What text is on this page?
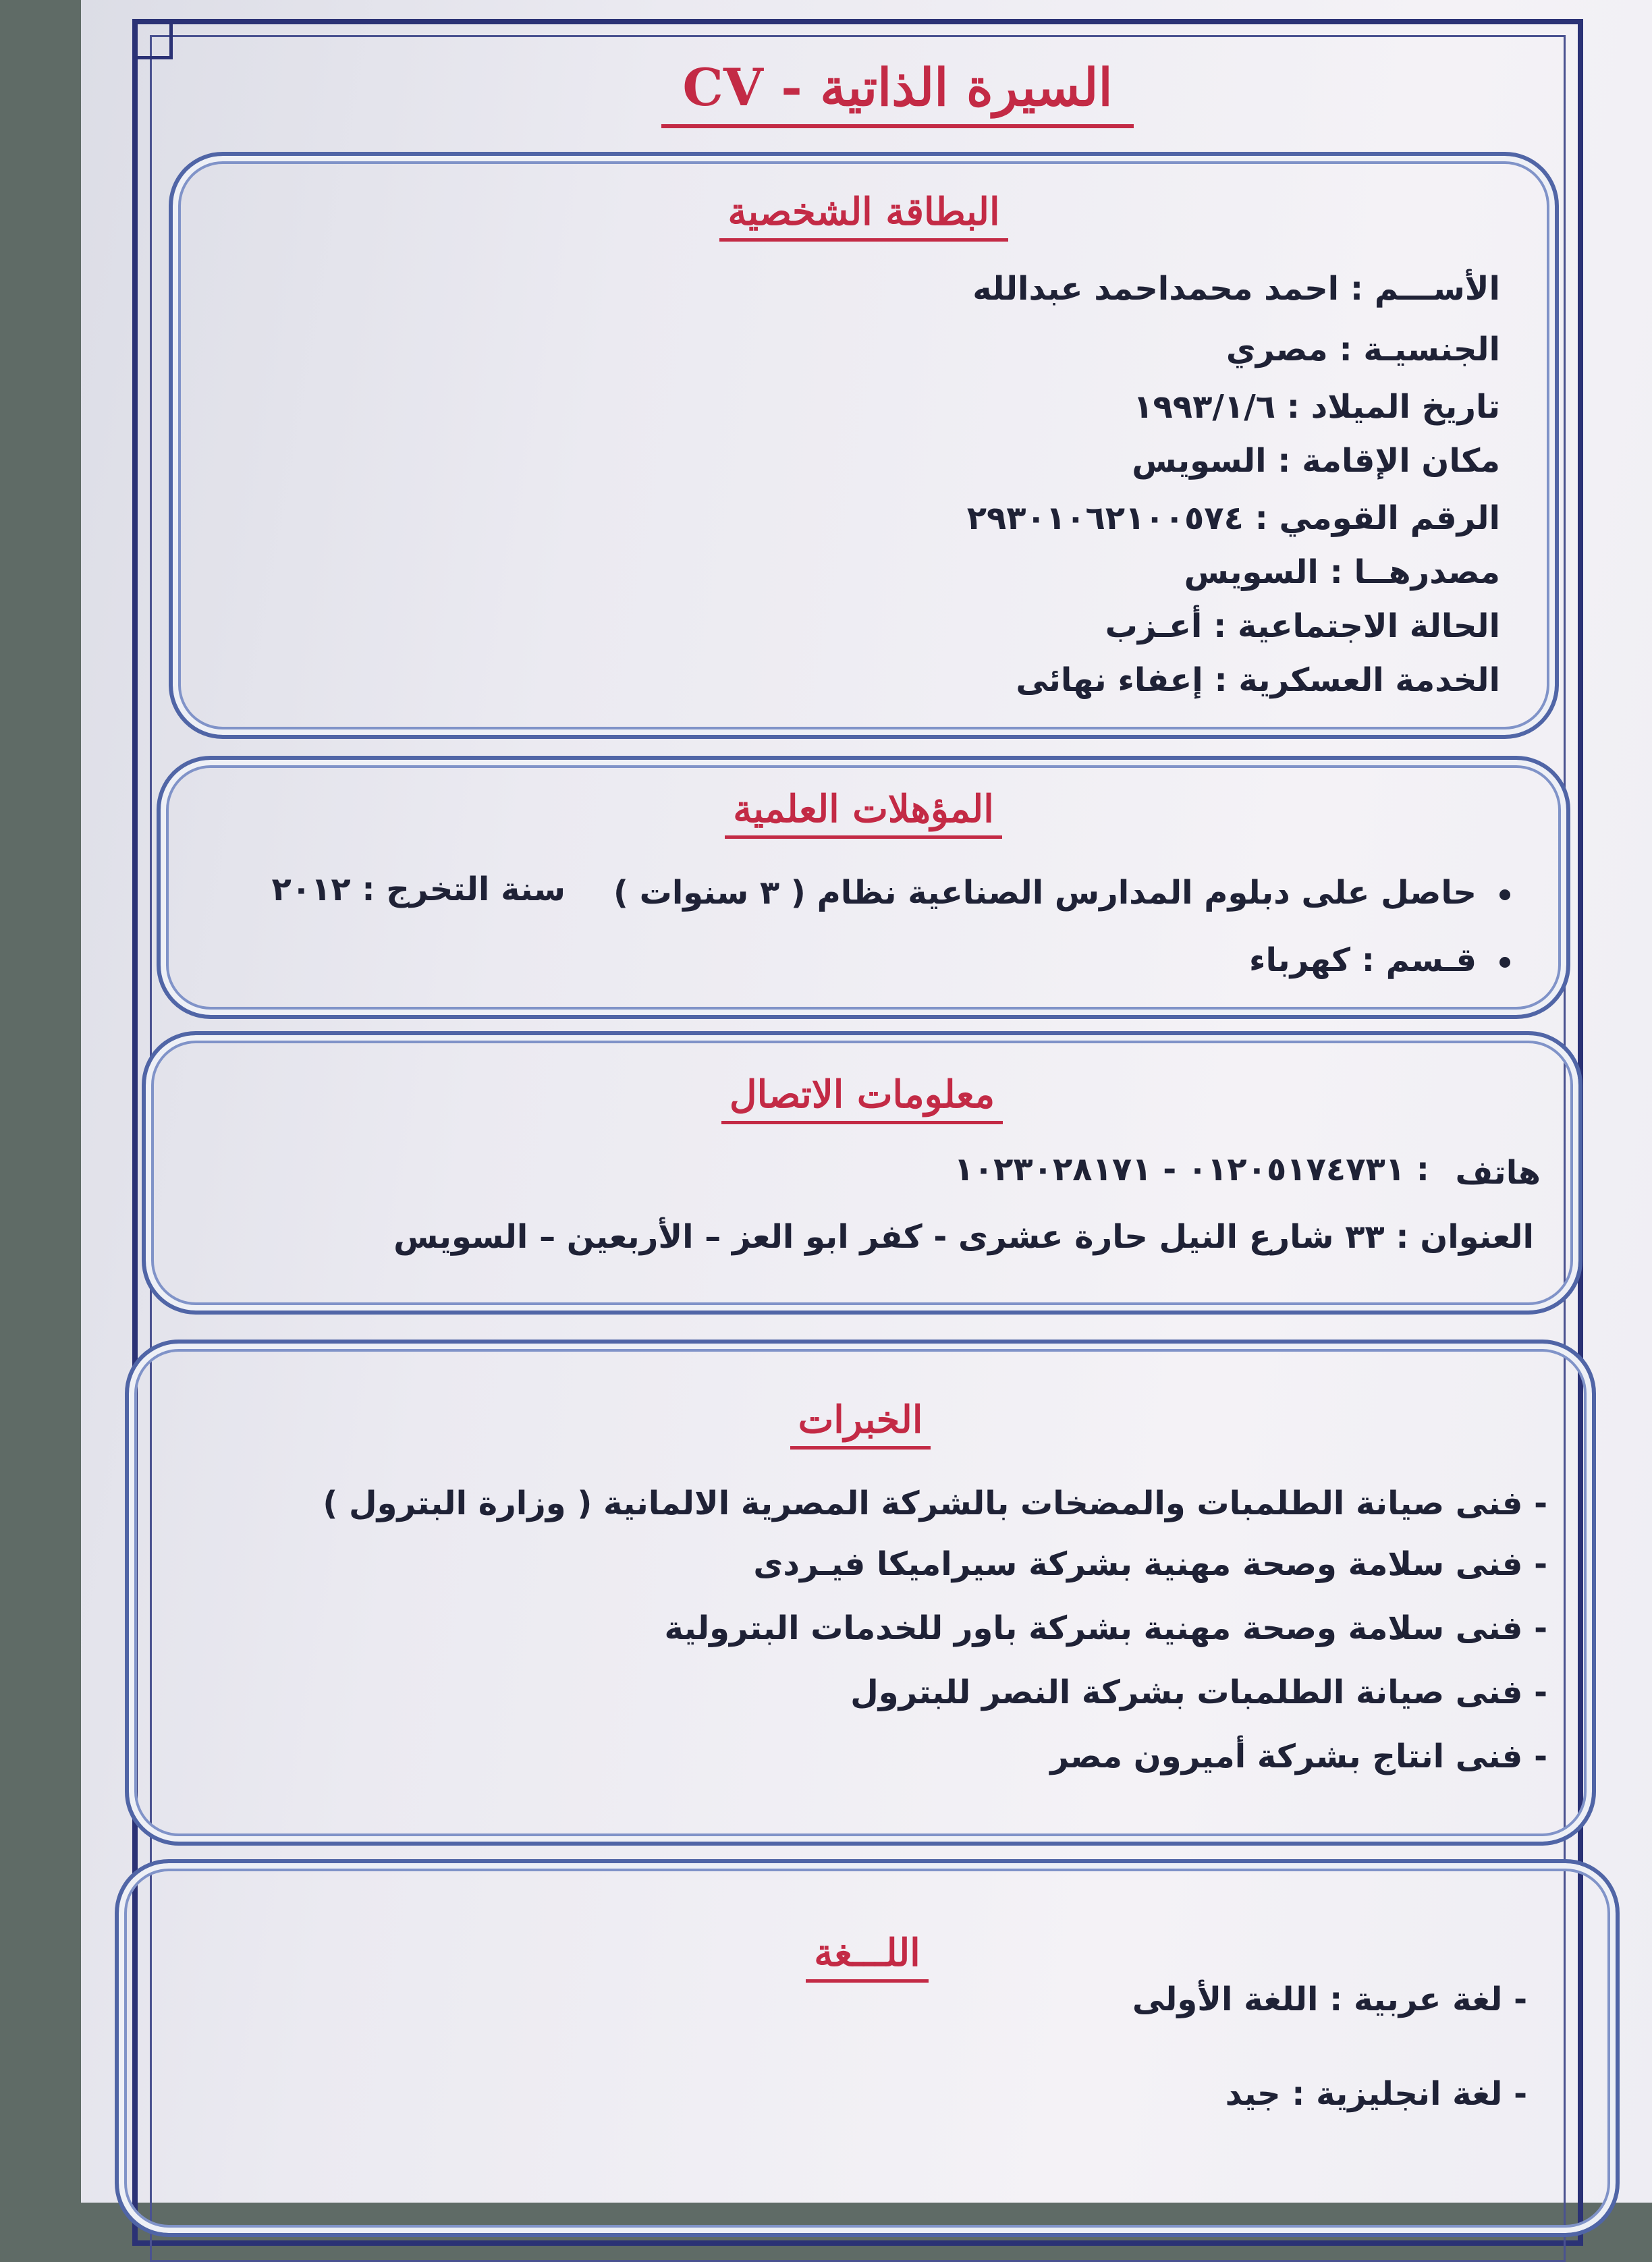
السيرة الذاتية - CV
البطاقة الشخصية
الأســـم : احمد محمداحمد عبدالله
الجنسيـة : مصري
تاريخ الميلاد : ١٩٩٣/١/٦
مكان الإقامة : السويس
الرقم القومي : ٢٩٣٠١٠٦٢١٠٠٥٧٤
مصدرهــا : السويس
الحالة الاجتماعية : أعـزب
الخدمة العسكرية : إعفاء نهائى
المؤهلات العلمية
حاصل على دبلوم المدارس الصناعية نظام ( ٣ سنوات )
سنة التخرج : ٢٠١٢
قـسم : كهرباء
معلومات الاتصال
هاتف
: ٠١٢٠٥١٧٤٧٣١ - ١٠٢٣٠٢٨١٧١
العنوان : ٣٣ شارع النيل حارة عشرى - كفر ابو العز – الأربعين – السويس
الخبرات
- فنى صيانة الطلمبات والمضخات بالشركة المصرية الالمانية ( وزارة البترول )
- فنى سلامة وصحة مهنية بشركة سيراميكا فيـردى
- فنى سلامة وصحة مهنية بشركة باور للخدمات البترولية
- فنى صيانة الطلمبات بشركة النصر للبترول
- فنى انتاج بشركة أميرون مصر
اللـــغة
- لغة عربية : اللغة الأولى
- لغة انجليزية : جيد
